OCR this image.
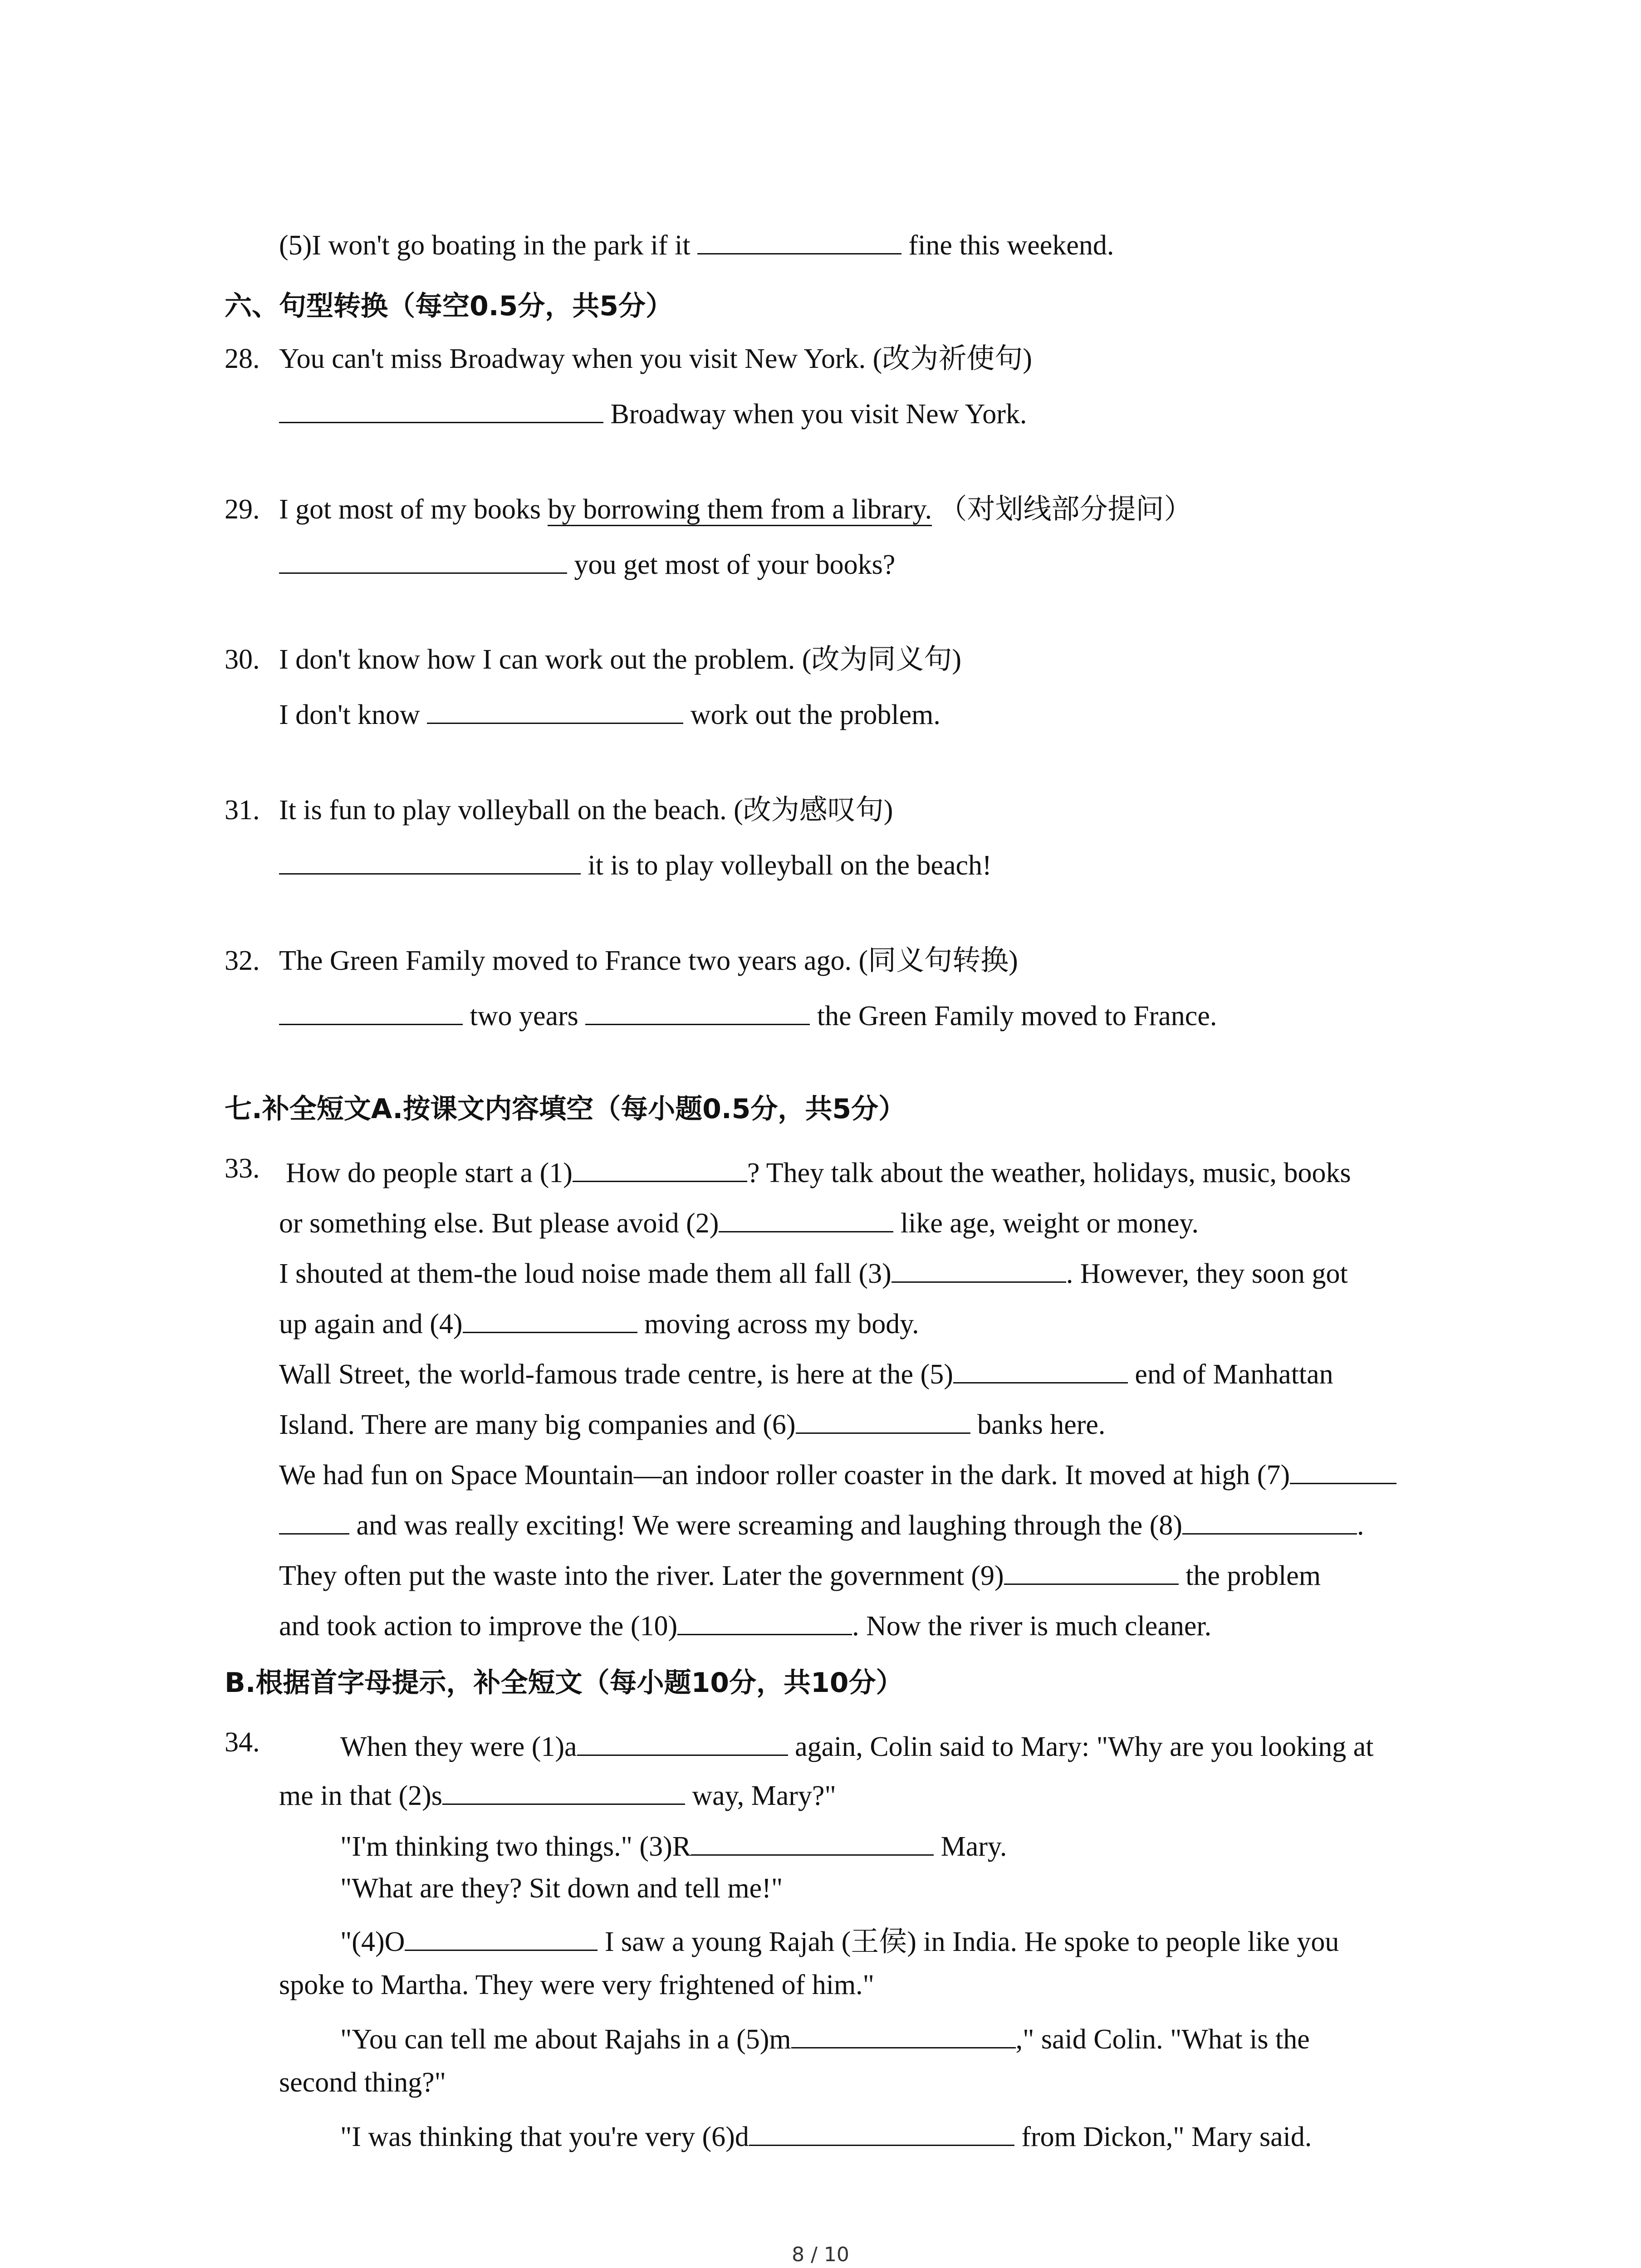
(5)I won't go boating in the park if it	fine this weekend.
六、句型转换（每空0.5分，共5分）
28. You can't miss Broadway when you visit New York. (改为祈使句)
Broadway when you visit New York.
29. I got most of my books by borrowing them from a library. （对划线部分提问）
you get most of your books?
30. I don't know how I can work out the problem. (改为同义句)
I don't know	work out the problem.
31. It is fun to play volleyball on the beach. (改为感叹句)
it is to play volleyball on the beach!
32. The Green Family moved to France two years ago. (同义句转换)
two years	the Green Family moved to France.
七.补全短文A.按课文内容填空（每小题0.5分，共5分）
33. How do people start a (1)	? They talk about the weather, holidays, music, books
or something else. But please avoid (2)	like age, weight or money.
I shouted at them-the loud noise made them all fall (3)	. However, they soon got
up again and (4)	moving across my body.
Wall Street, the world-famous trade centre, is here at the (5)	end of Manhattan
Island. There are many big companies and (6)	banks here.
We had fun on Space Mountain—an indoor roller coaster in the dark. It moved at high (7)
and was really exciting! We were screaming and laughing through the (8)	.
They often put the waste into the river. Later the government (9)	the problem
and took action to improve the (10)	. Now the river is much cleaner.
B.根据首字母提示，补全短文（每小题10分，共10分）
34.	When they were (1)a	again, Colin said to Mary: "Why are you looking at
me in that (2)s	way, Mary?"
"I'm thinking two things." (3)R	Mary.
"What are they? Sit down and tell me!"
"(4)O	I saw a young Rajah (王侯) in India. He spoke to people like you
spoke to Martha. They were very frightened of him."
"You can tell me about Rajahs in a (5)m	," said Colin. "What is the
second thing?"
"I was thinking that you're very (6)d	from Dickon," Mary said.
8 / 10
